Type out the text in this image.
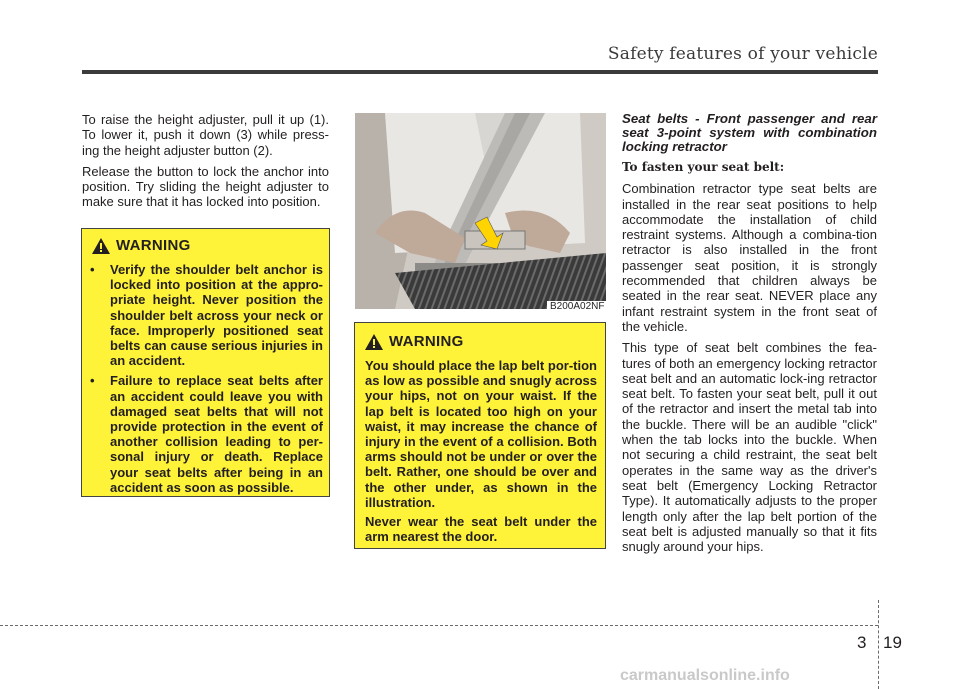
Safety features of your vehicle

To raise the height adjuster, pull it up (1). To lower it, push it down (3) while press-ing the height adjuster button (2).

Release the button to lock the anchor into position. Try sliding the height adjuster to make sure that it has locked into position.

WARNING
• Verify the shoulder belt anchor is locked into position at the appro-priate height. Never position the shoulder belt across your neck or face. Improperly positioned seat belts can cause serious injuries in an accident.
• Failure to replace seat belts after an accident could leave you with damaged seat belts that will not provide protection in the event of another collision leading to per-sonal injury or death. Replace your seat belts after being in an accident as soon as possible.
B200A02NF
WARNING

You should place the lap belt por-tion as low as possible and snugly across your hips, not on your waist. If the lap belt is located too high on your waist, it may increase the chance of injury in the event of a collision. Both arms should not be under or over the belt. Rather, one should be over and the other under, as shown in the illustration.

Never wear the seat belt under the arm nearest the door.

Seat belts - Front passenger and rear seat 3-point system with combination locking retractor

To fasten your seat belt:

Combination retractor type seat belts are installed in the rear seat positions to help accommodate the installation of child restraint systems. Although a combina-tion retractor is also installed in the front passenger seat position, it is strongly recommended that children always be seated in the rear seat. NEVER place any infant restraint system in the front seat of the vehicle.

This type of seat belt combines the fea-tures of both an emergency locking retractor seat belt and an automatic lock-ing retractor seat belt. To fasten your seat belt, pull it out of the retractor and insert the metal tab into the buckle. There will be an audible "click" when the tab locks into the buckle. When not securing a child restraint, the seat belt operates in the same way as the driver's seat belt (Emergency Locking Retractor Type). It automatically adjusts to the proper length only after the lap belt portion of the seat belt is adjusted manually so that it fits snugly around your hips.

3 19
carmanualsonline.info
